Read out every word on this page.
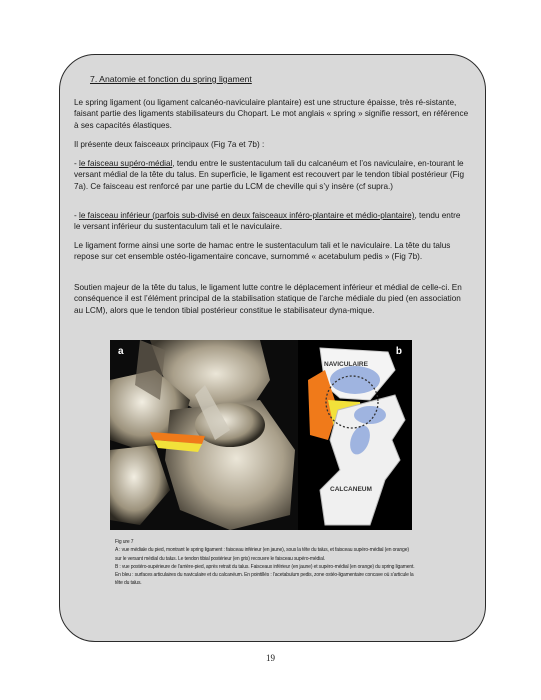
7. Anatomie et fonction du spring ligament
Le spring ligament (ou ligament calcanéo-naviculaire plantaire) est une structure épaisse, très ré-sistante, faisant partie des ligaments stabilisateurs du Chopart. Le mot anglais « spring » signifie ressort, en référence à ses capacités élastiques.
Il présente deux faisceaux principaux (Fig 7a et 7b) :
- le faisceau supéro-médial, tendu entre le sustentaculum tali du calcanéum et l’os naviculaire, en-tourant le versant médial de la tête du talus. En superficie, le ligament est recouvert par le tendon tibial postérieur (Fig 7a). Ce faisceau est renforcé par une partie du LCM de cheville qui s’y insère (cf supra.)
- le faisceau inférieur (parfois sub-divisé en deux faisceaux inféro-plantaire et médio-plantaire), tendu entre le versant inférieur du sustentaculum tali et le naviculaire.
Le ligament forme ainsi une sorte de hamac entre le sustentaculum tali et le naviculaire. La tête du talus repose sur cet ensemble ostéo-ligamentaire concave, surnommé « acetabulum pedis » (Fig 7b).
Soutien majeur de la tête du talus, le ligament lutte contre le déplacement inférieur et médial de celle-ci. En conséquence il est l’élément principal de la stabilisation statique de l’arche médiale du pied (en association au LCM), alors que le tendon tibial postérieur constitue le stabilisateur dyna-mique.
a	b
NAVICULAIRE
CALCANEUM
Fig ure 7
A : vue médiale du pied, montrant le spring ligament : faisceau inférieur (en jaune), sous la tête du talus, et faisceau supéro-médial (en orange) sur le versant médial du talus. Le tendon tibial postérieur (en gris) recouvre le faisceau supéro-médial.
B : vue postéro-supérieure de l’arrière-pied, après retrait du talus. Faisceaux inférieur (en jaune) et supéro-médial (en orange) du spring ligament. En bleu : surfaces articulaires du naviculaire et du calcanéum. En pointillés : l’acetabulum pedis, zone ostéo-ligamentaire concave où s’articule la tête du talus.
19
